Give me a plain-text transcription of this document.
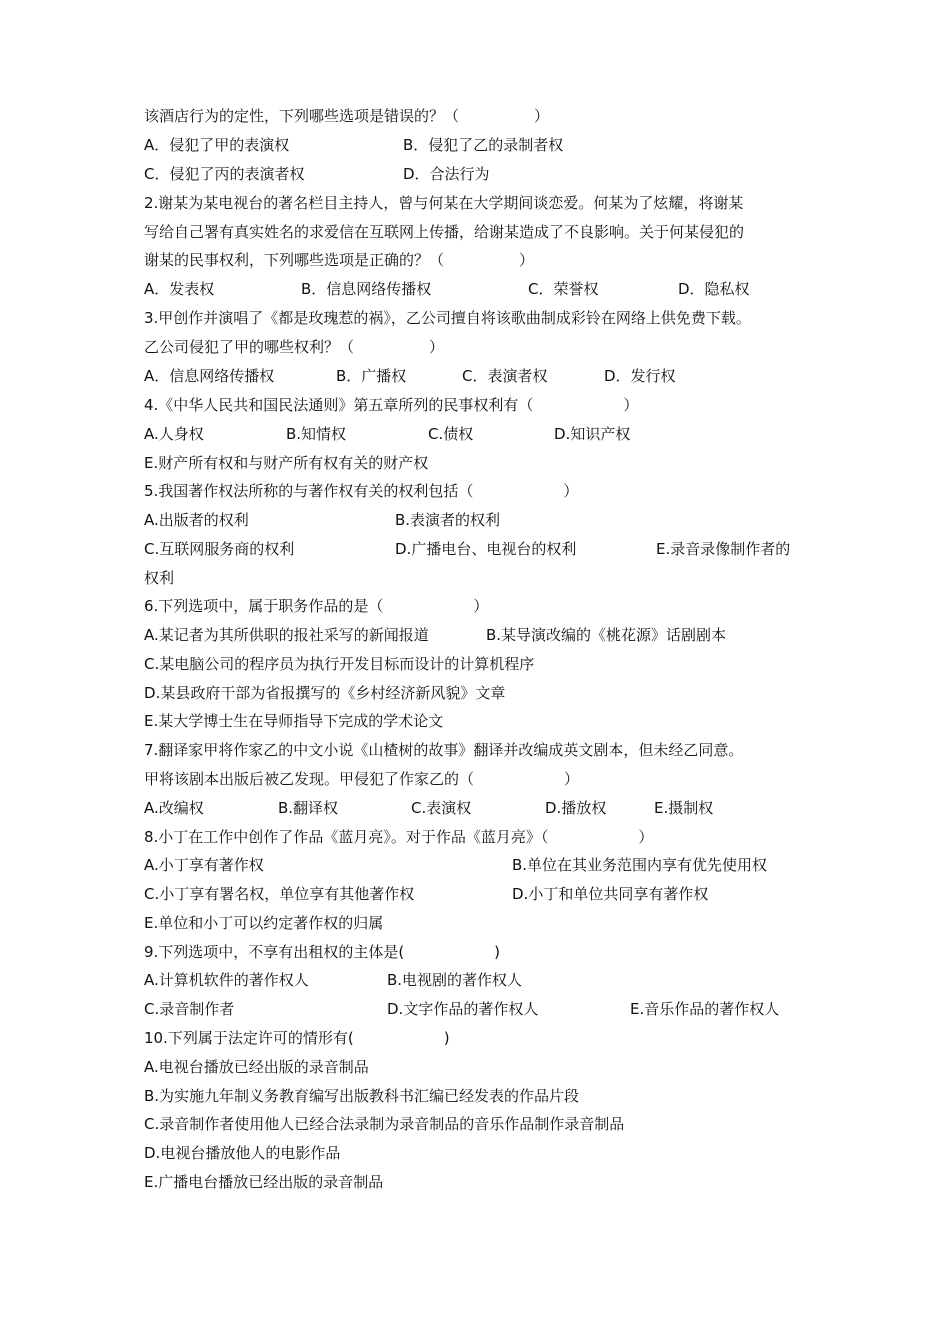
该酒店行为的定性，下列哪些选项是错误的？（　　　　　）
A．侵犯了甲的表演权	B．侵犯了乙的录制者权
C．侵犯了丙的表演者权	D．合法行为
2.谢某为某电视台的著名栏目主持人，曾与何某在大学期间谈恋爱。何某为了炫耀，将谢某
写给自己署有真实姓名的求爱信在互联网上传播，给谢某造成了不良影响。关于何某侵犯的
谢某的民事权利，下列哪些选项是正确的？（　　　　　）
A．发表权	B．信息网络传播权	C．荣誉权	D．隐私权
3.甲创作并演唱了《都是玫瑰惹的祸》，乙公司擅自将该歌曲制成彩铃在网络上供免费下载。
乙公司侵犯了甲的哪些权利？（　　　　　）
A．信息网络传播权	B．广播权	C．表演者权	D．发行权
4.《中华人民共和国民法通则》第五章所列的民事权利有（　　　　　　）
A.人身权	B.知情权	C.债权	D.知识产权
E.财产所有权和与财产所有权有关的财产权
5.我国著作权法所称的与著作权有关的权利包括（　　　　　　）
A.出版者的权利	B.表演者的权利
C.互联网服务商的权利	D.广播电台、电视台的权利	E.录音录像制作者的
权利
6.下列选项中，属于职务作品的是（　　　　　　）
A.某记者为其所供职的报社采写的新闻报道	B.某导演改编的《桃花源》话剧剧本
C.某电脑公司的程序员为执行开发目标而设计的计算机程序
D.某县政府干部为省报撰写的《乡村经济新风貌》文章
E.某大学博士生在导师指导下完成的学术论文
7.翻译家甲将作家乙的中文小说《山楂树的故事》翻译并改编成英文剧本，但未经乙同意。
甲将该剧本出版后被乙发现。甲侵犯了作家乙的（　　　　　　）
A.改编权	B.翻译权	C.表演权	D.播放权	E.摄制权
8.小丁在工作中创作了作品《蓝月亮》。对于作品《蓝月亮》（　　　　　　）
A.小丁享有著作权	B.单位在其业务范围内享有优先使用权
C.小丁享有署名权，单位享有其他著作权	D.小丁和单位共同享有著作权
E.单位和小丁可以约定著作权的归属
9.下列选项中，不享有出租权的主体是(　　　　　　)
A.计算机软件的著作权人	B.电视剧的著作权人
C.录音制作者	D.文字作品的著作权人	E.音乐作品的著作权人
10.下列属于法定许可的情形有(　　　　　　)
A.电视台播放已经出版的录音制品
B.为实施九年制义务教育编写出版教科书汇编已经发表的作品片段
C.录音制作者使用他人已经合法录制为录音制品的音乐作品制作录音制品
D.电视台播放他人的电影作品
E.广播电台播放已经出版的录音制品
